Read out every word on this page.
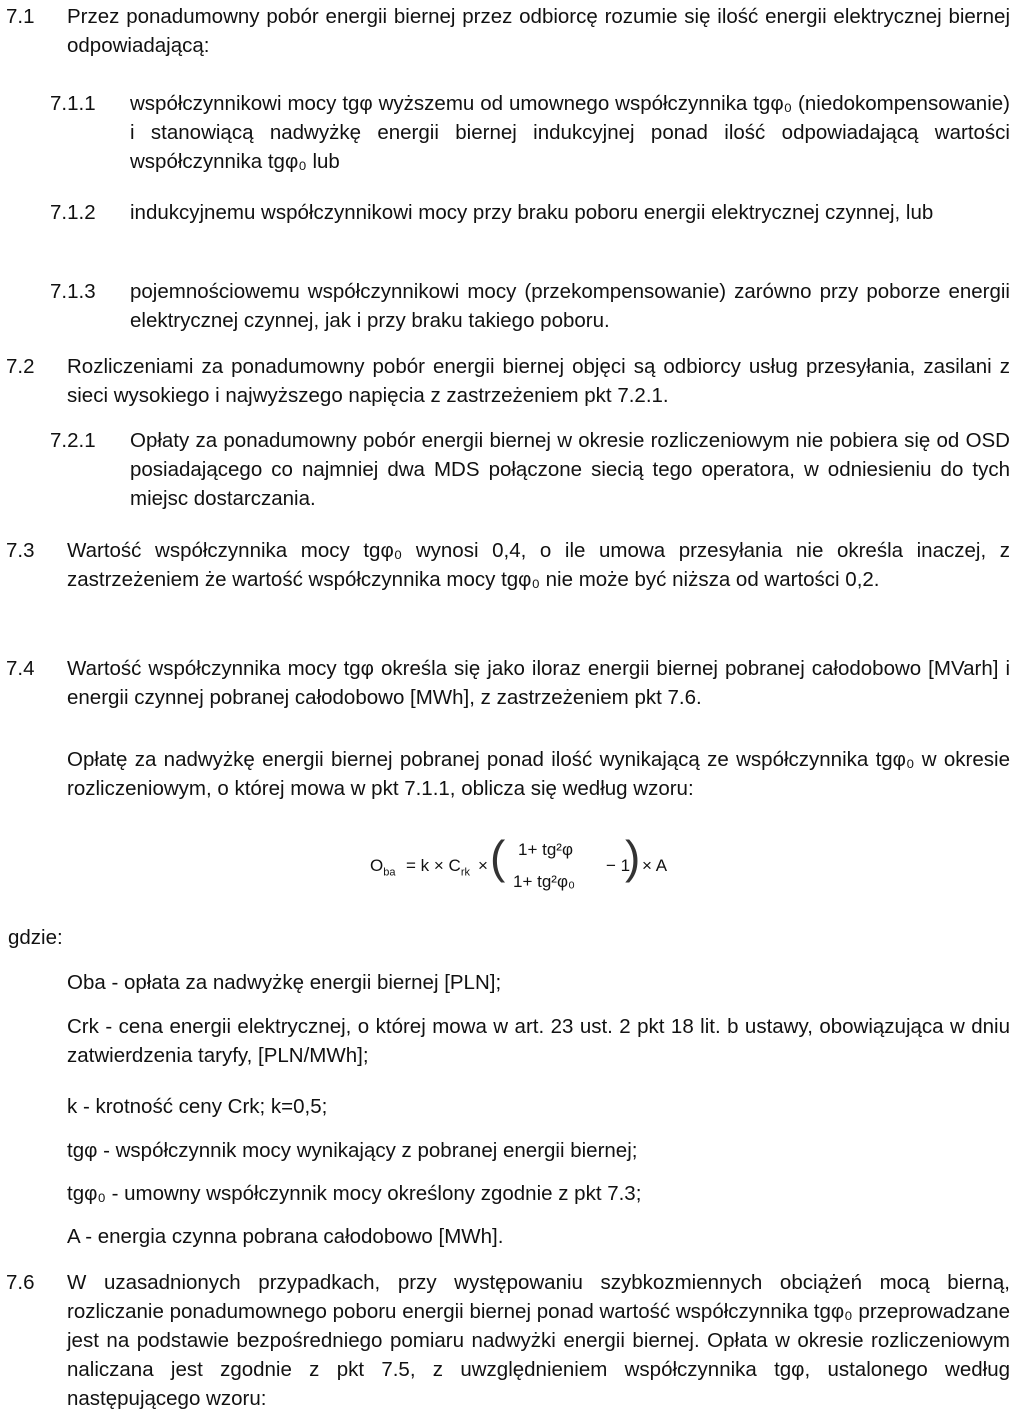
7.1 Przez ponadumowny pobór energii biernej przez odbiorcę rozumie się ilość energii elektrycznej biernej odpowiadającą:
7.1.1 współczynnikowi mocy tgφ wyższemu od umownego współczynnika tgφ₀ (niedokompensowanie) i stanowiącą nadwyżkę energii biernej indukcyjnej ponad ilość odpowiadającą wartości współczynnika tgφ₀ lub
7.1.2 indukcyjnemu współczynnikowi mocy przy braku poboru energii elektrycznej czynnej, lub
7.1.3 pojemnościowemu współczynnikowi mocy (przekompensowanie) zarówno przy poborze energii elektrycznej czynnej, jak i przy braku takiego poboru.
7.2 Rozliczeniami za ponadumowny pobór energii biernej objęci są odbiorcy usług przesyłania, zasilani z sieci wysokiego i najwyższego napięcia z zastrzeżeniem pkt 7.2.1.
7.2.1 Opłaty za ponadumowny pobór energii biernej w okresie rozliczeniowym nie pobiera się od OSD posiadającego co najmniej dwa MDS połączone siecią tego operatora, w odniesieniu do tych miejsc dostarczania.
7.3 Wartość współczynnika mocy tgφ₀ wynosi 0,4, o ile umowa przesyłania nie określa inaczej, z zastrzeżeniem że wartość współczynnika mocy tgφ₀ nie może być niższa od wartości 0,2.
7.4 Wartość współczynnika mocy tgφ określa się jako iloraz energii biernej pobranej całodobowo [MVarh] i energii czynnej pobranej całodobowo [MWh], z zastrzeżeniem pkt 7.6.
Opłatę za nadwyżkę energii biernej pobranej ponad ilość wynikającą ze współczynnika tgφ₀ w okresie rozliczeniowym, o której mowa w pkt 7.1.1, oblicza się według wzoru:
$O_{ba} = k \times C_{rk}$ × ( 1+ tg²φ
1+ tg²φ₀
− 1
) × A
gdzie:
Oba - opłata za nadwyżkę energii biernej [PLN];
Crk - cena energii elektrycznej, o której mowa w art. 23 ust. 2 pkt 18 lit. b ustawy, obowiązująca w dniu zatwierdzenia taryfy, [PLN/MWh];
k - krotność ceny Crk; k=0,5;
tgφ - współczynnik mocy wynikający z pobranej energii biernej;
tgφ₀ - umowny współczynnik mocy określony zgodnie z pkt 7.3;
A - energia czynna pobrana całodobowo [MWh].
7.6 W uzasadnionych przypadkach, przy występowaniu szybkozmiennych obciążeń mocą bierną, rozliczanie ponadumownego poboru energii biernej ponad wartość współczynnika tgφ₀ przeprowadzane jest na podstawie bezpośredniego pomiaru nadwyżki energii biernej. Opłata w okresie rozliczeniowym naliczana jest zgodnie z pkt 7.5, z uwzględnieniem współczynnika tgφ, ustalonego według następującego wzoru:
